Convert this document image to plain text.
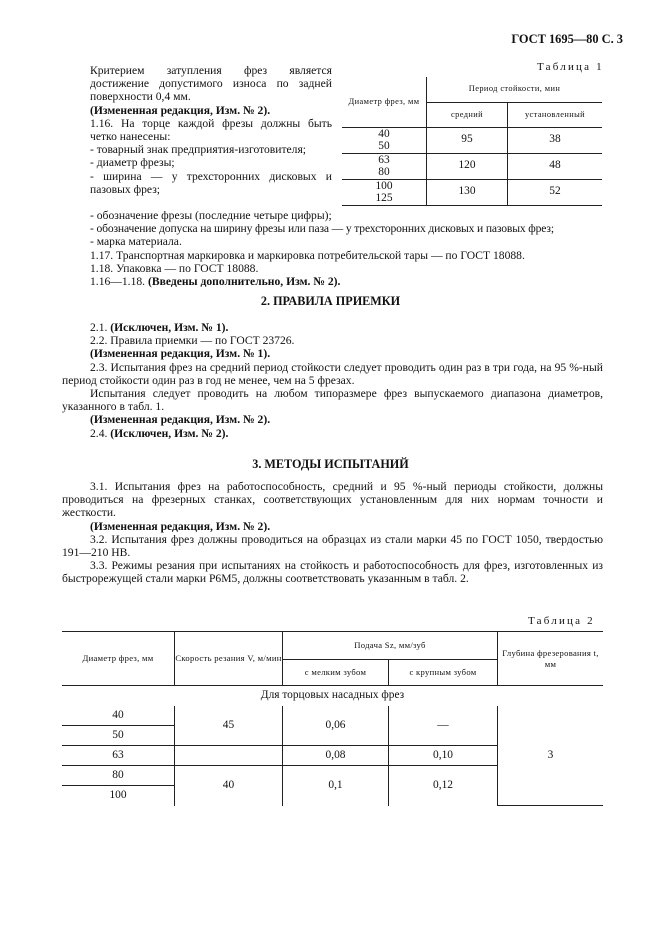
ГОСТ 1695—80 С. 3

Критерием затупления фрез является достижение допустимого износа по задней поверхности 0,4 мм.

(Измененная редакция, Изм. № 2).

1.16. На торце каждой фрезы должны быть четко нанесены:

- товарный знак предприятия-изготовителя;

- диаметр фрезы;

- ширина — у трехсторонних дисковых и пазовых фрез;

Таблица 1
Диаметр фрез, мм	Период стойкости, мин	
	средний	установленный

40
50	95	38

63
80	120	48

100
125	130	52

- обозначение фрезы (последние четыре цифры);

- обозначение допуска на ширину фрезы или паза — у трехсторонних дисковых и пазовых фрез;

- марка материала.

1.17. Транспортная маркировка и маркировка потребительской тары — по ГОСТ 18088.

1.18. Упаковка — по ГОСТ 18088.

1.16—1.18. (Введены дополнительно, Изм. № 2).

2. ПРАВИЛА ПРИЕМКИ

2.1. (Исключен, Изм. № 1).

2.2. Правила приемки — по ГОСТ 23726.

(Измененная редакция, Изм. № 1).

2.3. Испытания фрез на средний период стойкости следует проводить один раз в три года, на 95 %-ный период стойкости один раз в год не менее, чем на 5 фрезах.

Испытания следует проводить на любом типоразмере фрез выпускаемого диапазона диаметров, указанного в табл. 1.

(Измененная редакция, Изм. № 2).

2.4. (Исключен, Изм. № 2).

3. МЕТОДЫ ИСПЫТАНИЙ

3.1. Испытания фрез на работоспособность, средний и 95 %-ный периоды стойкости, должны проводиться на фрезерных станках, соответствующих установленным для них нормам точности и жесткости.

(Измененная редакция, Изм. № 2).

3.2. Испытания фрез должны проводиться на образцах из стали марки 45 по ГОСТ 1050, твердостью 191—210 НВ.

3.3. Режимы резания при испытаниях на стойкость и работоспособность для фрез, изготовленных из быстрорежущей стали марки Р6М5, должны соответствовать указанным в табл. 2.

Таблица 2
Диаметр фрез, мм	Скорость резания V, м/мин	Подача Sz, мм/зуб		Глубина фрезерования t, мм
		с мелким зубом	с крупным зубом	
Для торцовых насадных фрез				
40	45	0,06	—	3
50				
63		0,08	0,10	
80	40	0,1	0,12	
100				
